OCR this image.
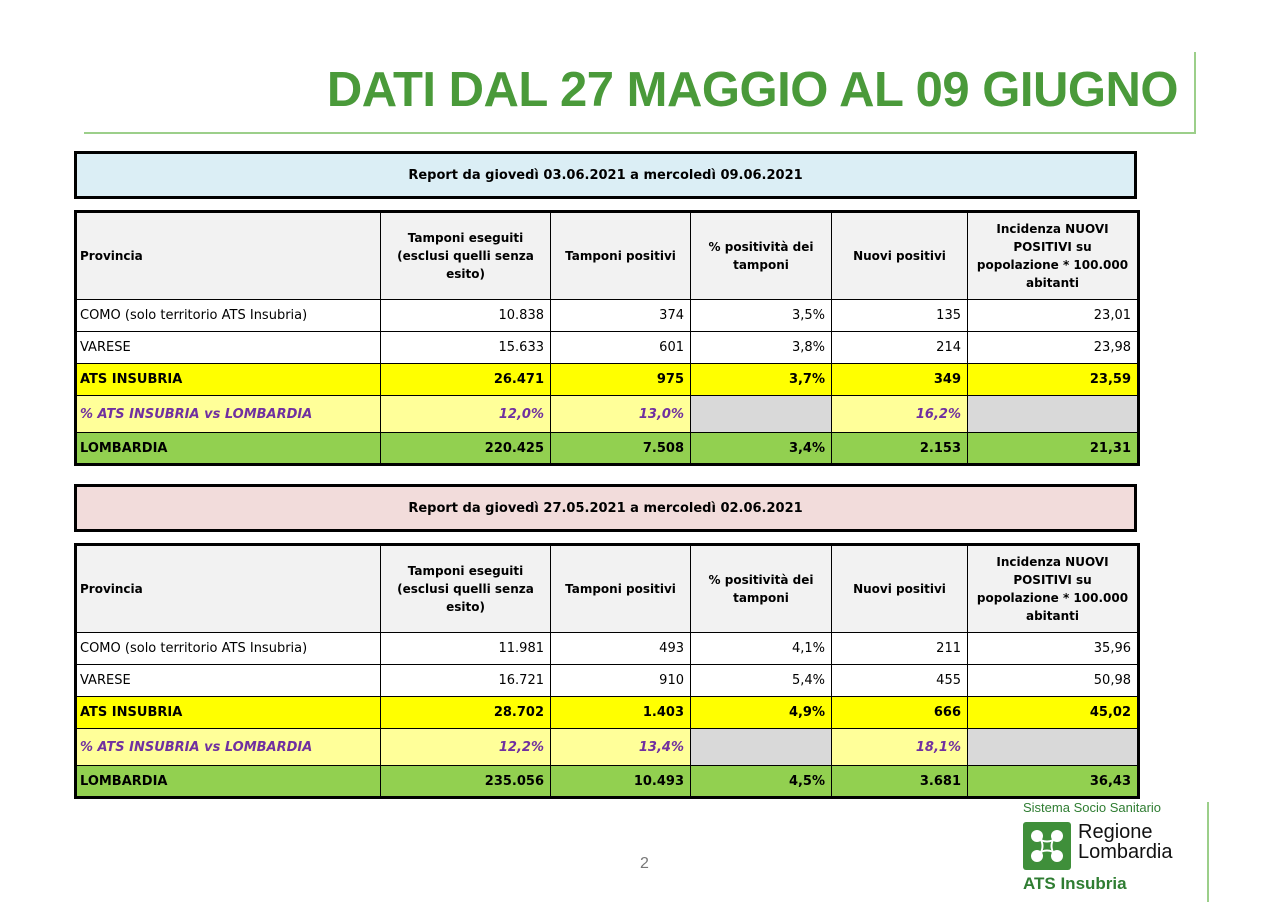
DATI DAL 27 MAGGIO AL 09 GIUGNO
Report da giovedì 03.06.2021 a mercoledì 09.06.2021
Provincia	Tamponi eseguiti (esclusi quelli senza esito)	Tamponi positivi	% positività dei tamponi	Nuovi positivi	Incidenza NUOVI POSITIVI su popolazione * 100.000 abitanti
COMO (solo territorio ATS Insubria)	10.838	374	3,5%	135	23,01
VARESE	15.633	601	3,8%	214	23,98
ATS INSUBRIA	26.471	975	3,7%	349	23,59
% ATS INSUBRIA vs LOMBARDIA	12,0%	13,0%		16,2%	
LOMBARDIA	220.425	7.508	3,4%	2.153	21,31
Report da giovedì 27.05.2021 a mercoledì 02.06.2021
Provincia	Tamponi eseguiti (esclusi quelli senza esito)	Tamponi positivi	% positività dei tamponi	Nuovi positivi	Incidenza NUOVI POSITIVI su popolazione * 100.000 abitanti
COMO (solo territorio ATS Insubria)	11.981	493	4,1%	211	35,96
VARESE	16.721	910	5,4%	455	50,98
ATS INSUBRIA	28.702	1.403	4,9%	666	45,02
% ATS INSUBRIA vs LOMBARDIA	12,2%	13,4%		18,1%	
LOMBARDIA	235.056	10.493	4,5%	3.681	36,43
2
Sistema Socio Sanitario
Regione
Lombardia
ATS Insubria
